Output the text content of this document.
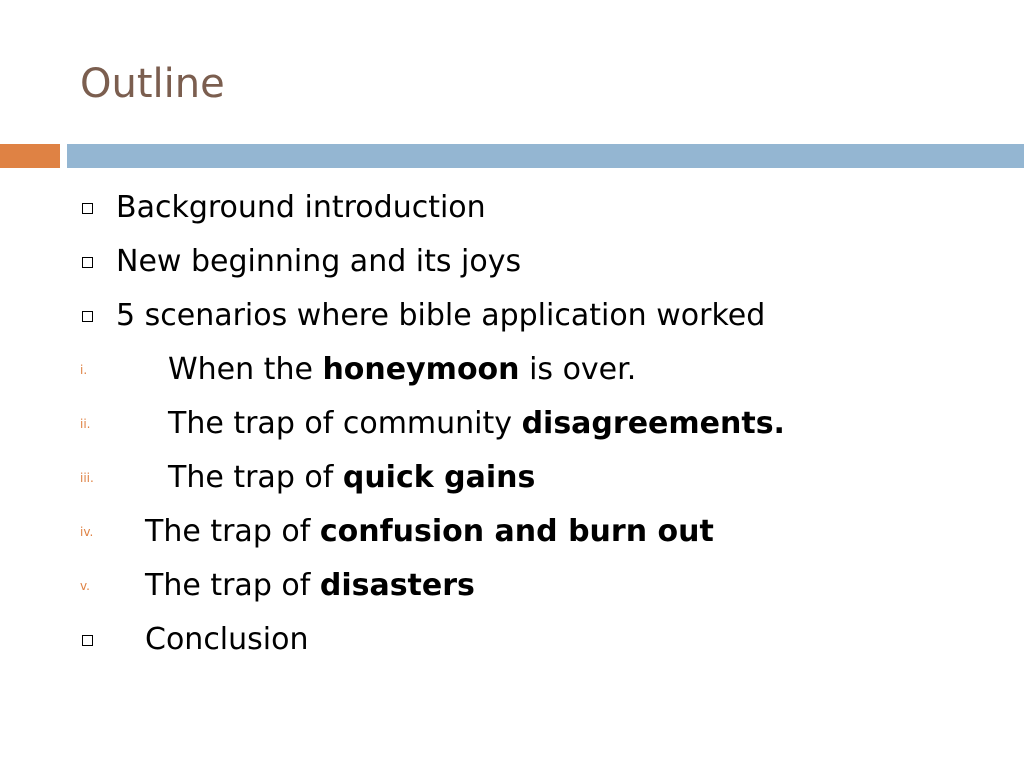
Outline
Background introduction
New beginning and its joys
5 scenarios where bible application worked
i.	When the honeymoon is over.
ii.	The trap of community disagreements.
iii. The trap of quick gains
iv. The trap of confusion and burn out
v. The trap of disasters
Conclusion
